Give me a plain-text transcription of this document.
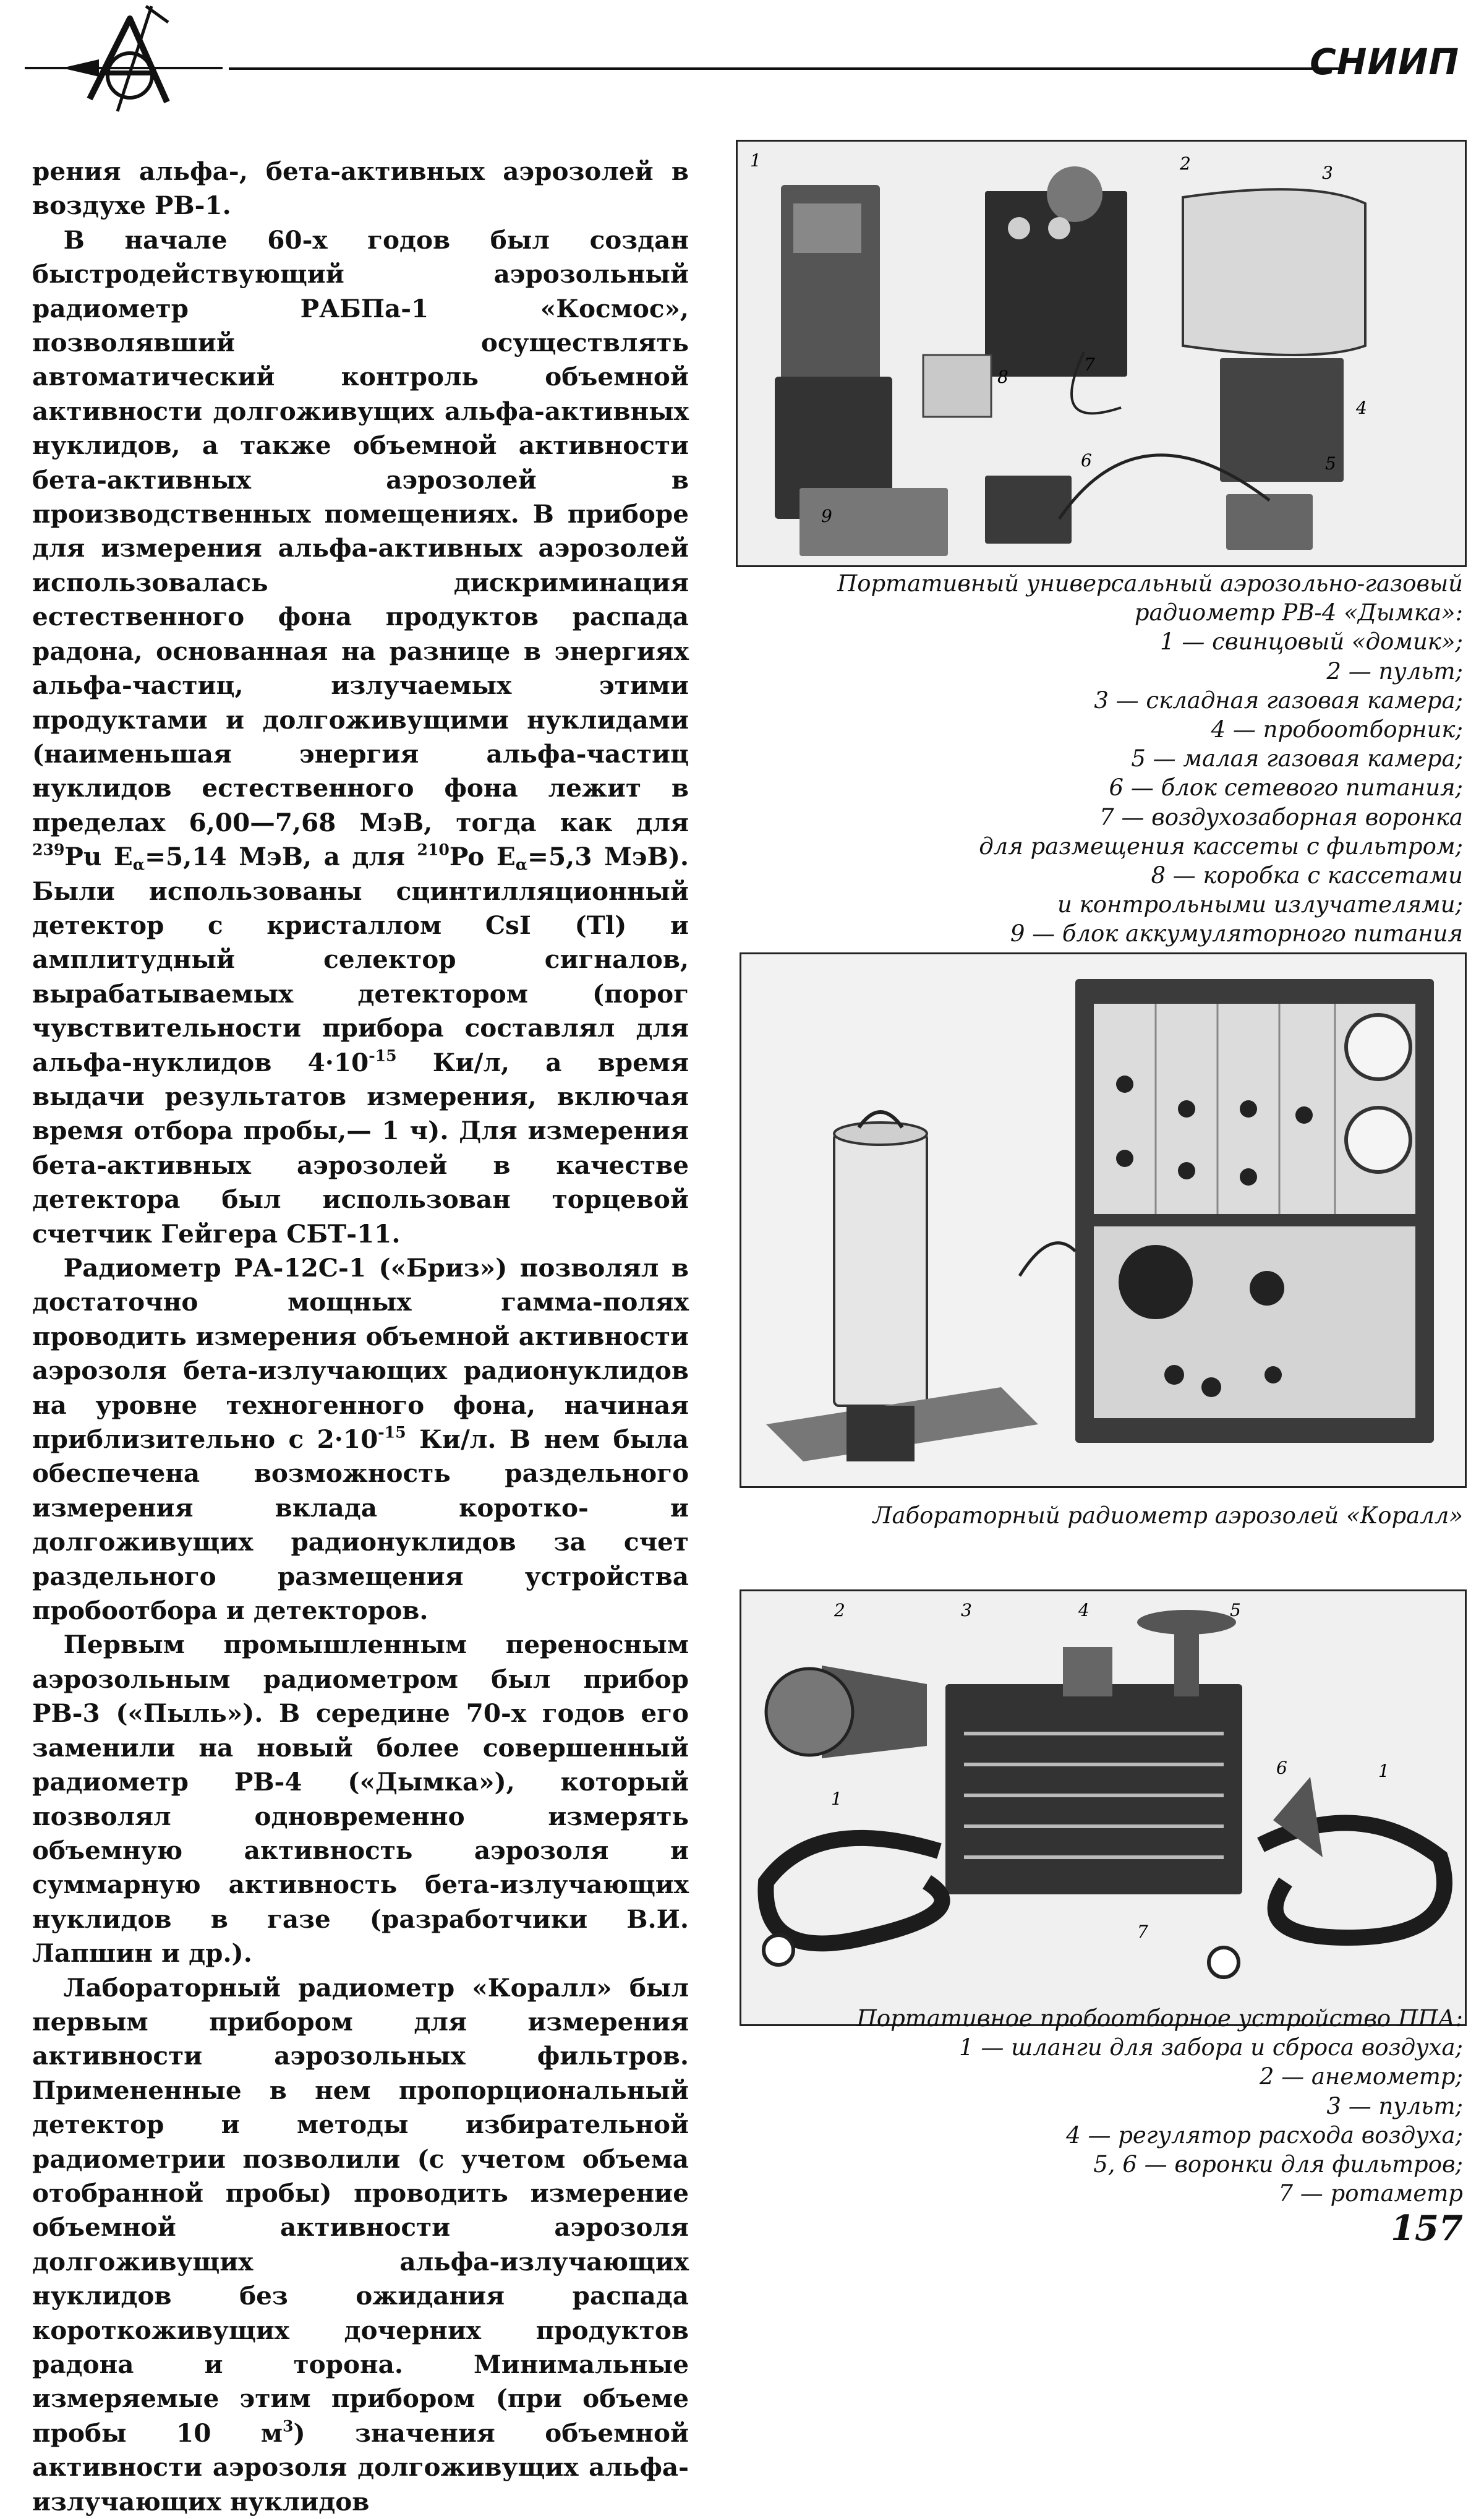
СНИИП

рения альфа-, бета-активных аэрозолей в воздухе РВ-1.

В начале 60-х годов был создан быстродействующий аэрозольный радиометр РАБПа-1 «Космос», позволявший осуществлять автоматический контроль объемной активности долгоживущих альфа-активных нуклидов, а также объемной активности бета-активных аэрозолей в производственных помещениях. В приборе для измерения альфа-активных аэрозолей использовалась дискриминация естественного фона продуктов распада радона, основанная на разнице в энергиях альфа-частиц, излучаемых этими продуктами и долгоживущими нуклидами (наименьшая энергия альфа-частиц нуклидов естественного фона лежит в пределах 6,00—7,68 МэВ, тогда как для $^{239}$Pu $E_\alpha=5,14$ МэВ, а для $^{210}$Po $E_\alpha=5,3$ МэВ). Были использованы сцинтилляционный детектор с кристаллом CsI (Tl) и амплитудный селектор сигналов, вырабатываемых детектором (порог чувствительности прибора составлял для альфа-нуклидов $4\cdot 10^{-15}$ Ки/л, а время выдачи результатов измерения, включая время отбора пробы,— 1 ч). Для измерения бета-активных аэрозолей в качестве детектора был использован торцевой счетчик Гейгера СБТ-11.

Радиометр РА-12С-1 («Бриз») позволял в достаточно мощных гамма-полях проводить измерения объемной активности аэрозоля бета-излучающих радионуклидов на уровне техногенного фона, начиная приблизительно с $2\cdot 10^{-15}$ Ки/л. В нем была обеспечена возможность раздельного измерения вклада коротко- и долгоживущих радионуклидов за счет раздельного размещения устройства пробоотбора и детекторов.

Первым промышленным переносным аэрозольным радиометром был прибор РВ-3 («Пыль»). В середине 70-х годов его заменили на новый более совершенный радиометр РВ-4 («Дымка»), который позволял одновременно измерять объемную активность аэрозоля и суммарную активность бета-излучающих нуклидов в газе (разработчики В.И. Лапшин и др.).

Лабораторный радиометр «Коралл» был первым прибором для измерения активности аэрозольных фильтров. Примененные в нем пропорциональный детектор и методы избирательной радиометрии позволили (с учетом объема отобранной пробы) проводить измерение объемной активности аэрозоля долгоживущих альфа-излучающих нуклидов без ожидания распада короткоживущих дочерних продуктов радона и торона. Минимальные измеряемые этим прибором (при объеме пробы 10 $м^3$) значения объемной активности аэрозоля долгоживущих альфа-излучающих нуклидов

1	2	3
4
5
6
7
8
9
Портативный универсальный аэрозольно-газовый
радиометр РВ-4 «Дымка»:
1 — свинцовый «домик»;
2 — пульт;
3 — складная газовая камера;
4 — пробоотборник;
5 — малая газовая камера;
6 — блок сетевого питания;
7 — воздухозаборная воронка
для размещения кассеты с фильтром;
8 — коробка с кассетами
и контрольными излучателями;
9 — блок аккумуляторного питания
Лабораторный радиометр аэрозолей «Коралл»
2	3	4	5
1
6	1
7
Портативное пробоотборное устройство ППА:
1 — шланги для забора и сброса воздуха;
2 — анемометр;
3 — пульт;
4 — регулятор расхода воздуха;
5, 6 — воронки для фильтров;
7 — ротаметр
157
